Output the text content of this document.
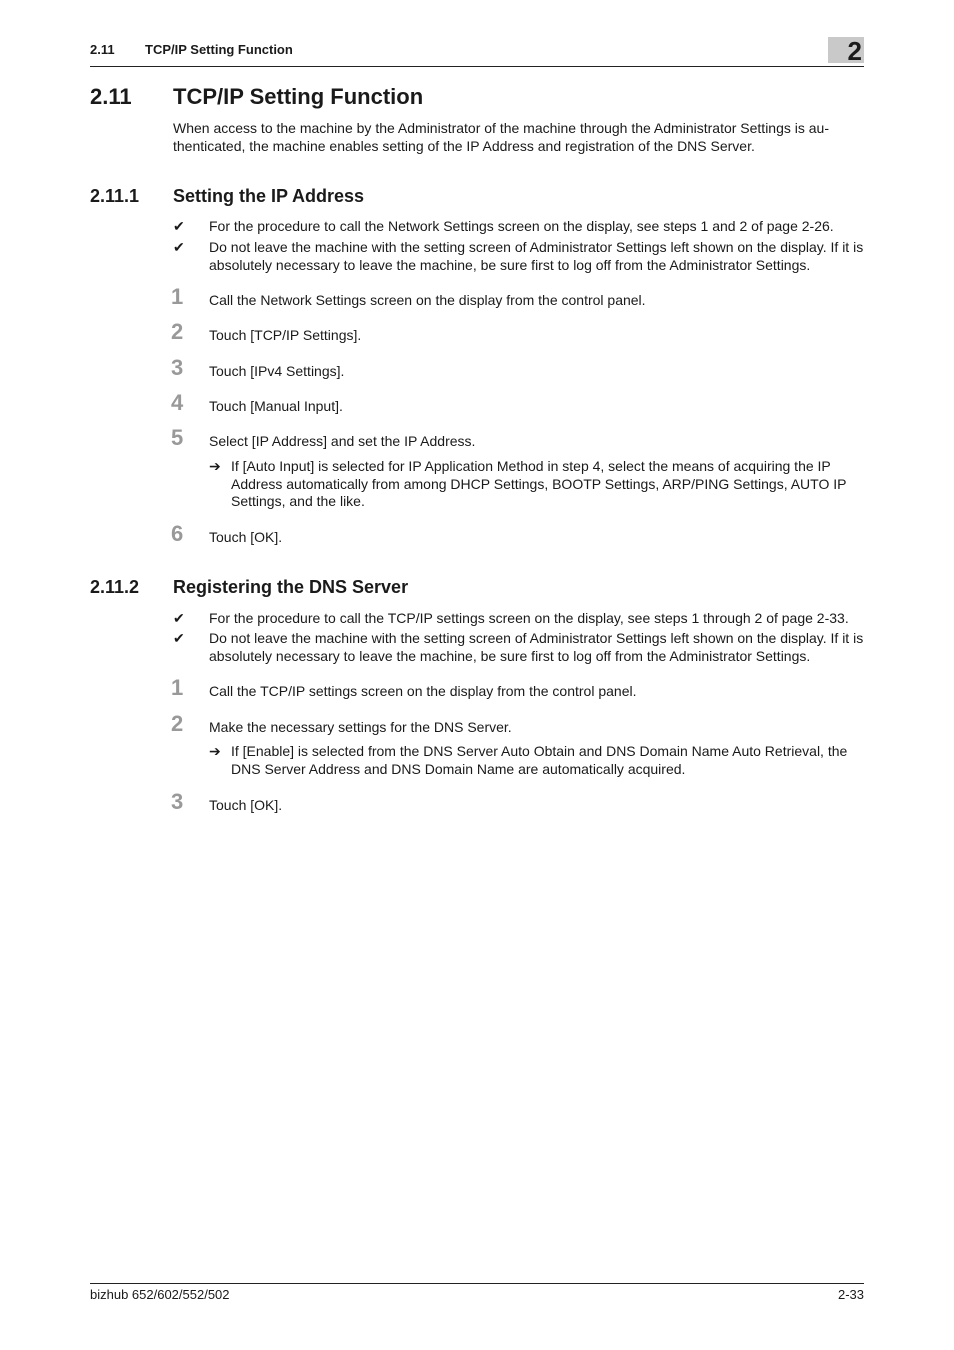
2.11 TCP/IP Setting Function	2
2.11 TCP/IP Setting Function
When access to the machine by the Administrator of the machine through the Administrator Settings is au-thenticated, the machine enables setting of the IP Address and registration of the DNS Server.
2.11.1 Setting the IP Address
✔	For the procedure to call the Network Settings screen on the display, see steps 1 and 2 of page 2-26.
✔	Do not leave the machine with the setting screen of Administrator Settings left shown on the display. If it is absolutely necessary to leave the machine, be sure first to log off from the Administrator Settings.
1	Call the Network Settings screen on the display from the control panel.
2	Touch [TCP/IP Settings].
3	Touch [IPv4 Settings].
4	Touch [Manual Input].
5	Select [IP Address] and set the IP Address.
➔ If [Auto Input] is selected for IP Application Method in step 4, select the means of acquiring the IP Address automatically from among DHCP Settings, BOOTP Settings, ARP/PING Settings, AUTO IP Settings, and the like.
6	Touch [OK].
2.11.2 Registering the DNS Server
✔	For the procedure to call the TCP/IP settings screen on the display, see steps 1 through 2 of page 2-33.
✔	Do not leave the machine with the setting screen of Administrator Settings left shown on the display. If it is absolutely necessary to leave the machine, be sure first to log off from the Administrator Settings.
1	Call the TCP/IP settings screen on the display from the control panel.
2	Make the necessary settings for the DNS Server.
➔ If [Enable] is selected from the DNS Server Auto Obtain and DNS Domain Name Auto Retrieval, the DNS Server Address and DNS Domain Name are automatically acquired.
3	Touch [OK].
bizhub 652/602/552/502	2-33
